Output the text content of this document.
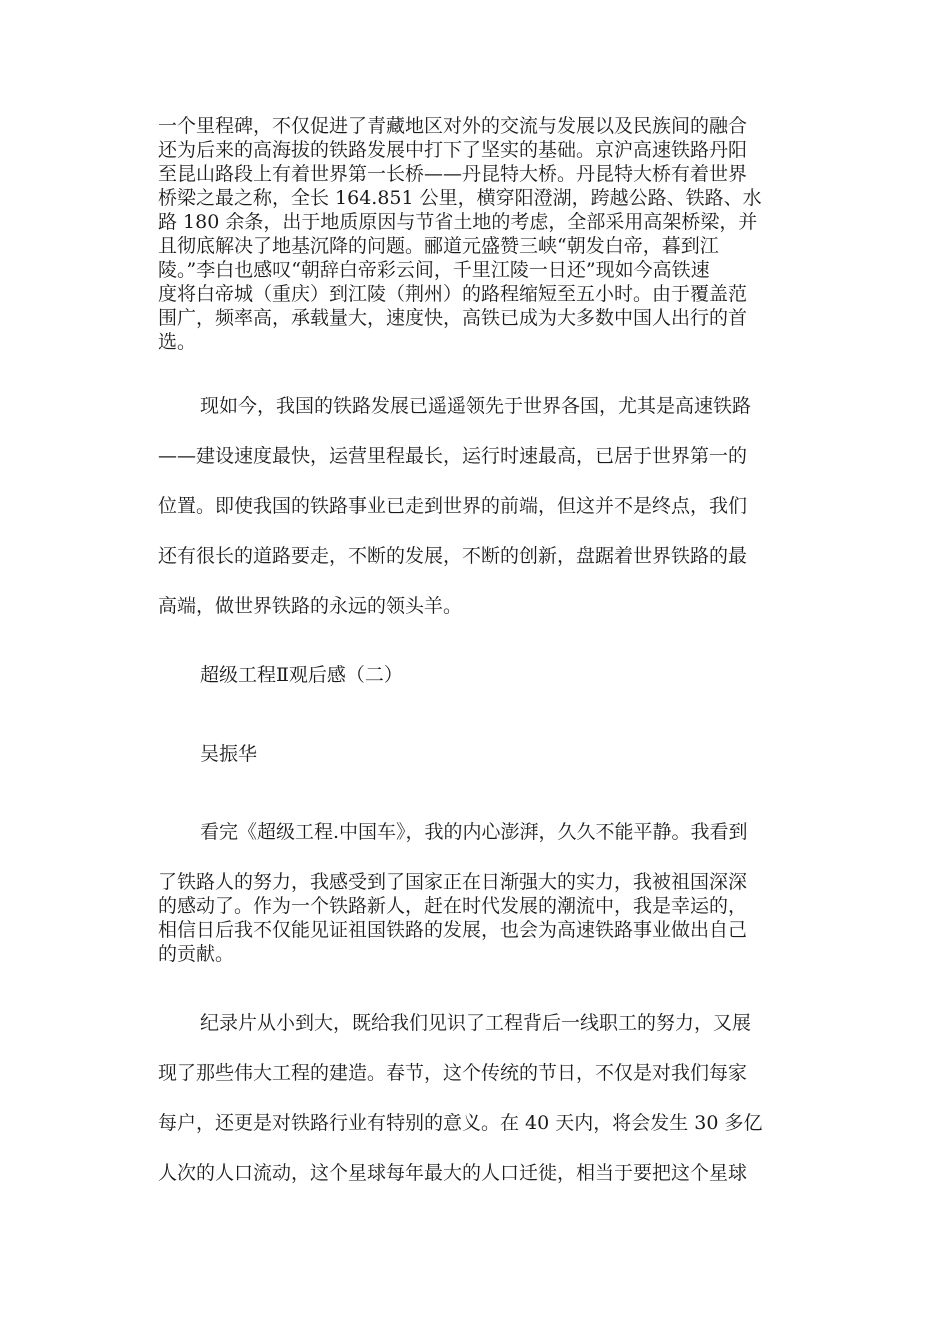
一个里程碑，不仅促进了青藏地区对外的交流与发展以及民族间的融合
还为后来的高海拔的铁路发展中打下了坚实的基础。京沪高速铁路丹阳
至昆山路段上有着世界第一长桥——丹昆特大桥。丹昆特大桥有着世界
桥梁之最之称，全长 164.851 公里，横穿阳澄湖，跨越公路、铁路、水
路 180 余条，出于地质原因与节省土地的考虑，全部采用高架桥梁，并
且彻底解决了地基沉降的问题。郦道元盛赞三峡“朝发白帝，暮到江
陵。”李白也感叹“朝辞白帝彩云间，千里江陵一日还”现如今高铁速
度将白帝城（重庆）到江陵（荆州）的路程缩短至五小时。由于覆盖范
围广，频率高，承载量大，速度快，高铁已成为大多数中国人出行的首
选。
现如今，我国的铁路发展已遥遥领先于世界各国，尤其是高速铁路
——建设速度最快，运营里程最长，运行时速最高，已居于世界第一的
位置。即使我国的铁路事业已走到世界的前端，但这并不是终点，我们
还有很长的道路要走，不断的发展，不断的创新，盘踞着世界铁路的最
高端，做世界铁路的永远的领头羊。
超级工程Ⅱ观后感（二）
吴振华
看完《超级工程.中国车》，我的内心澎湃，久久不能平静。我看到
了铁路人的努力，我感受到了国家正在日渐强大的实力，我被祖国深深
的感动了。作为一个铁路新人，赶在时代发展的潮流中，我是幸运的，
相信日后我不仅能见证祖国铁路的发展，也会为高速铁路事业做出自己
的贡献。
纪录片从小到大，既给我们见识了工程背后一线职工的努力，又展
现了那些伟大工程的建造。春节，这个传统的节日，不仅是对我们每家
每户，还更是对铁路行业有特别的意义。在 40 天内，将会发生 30 多亿
人次的人口流动，这个星球每年最大的人口迁徙，相当于要把这个星球
